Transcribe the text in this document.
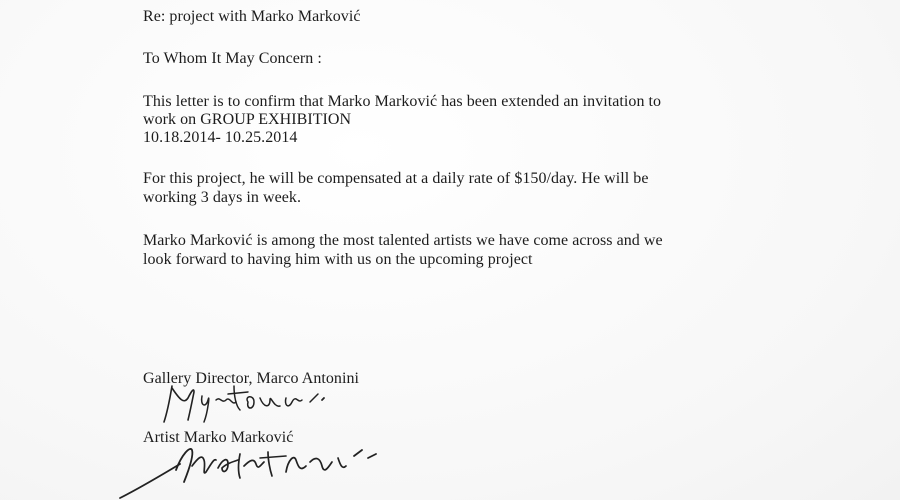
Re: project with Marko Marković
To Whom It May Concern :
This letter is to confirm that Marko Marković has been extended an invitation to
work on GROUP EXHIBITION
10.18.2014- 10.25.2014
For this project, he will be compensated at a daily rate of $150/day. He will be
working 3 days in week.
Marko Marković is among the most talented artists we have come across and we
look forward to having him with us on the upcoming project
Gallery Director, Marco Antonini
Artist Marko Marković
